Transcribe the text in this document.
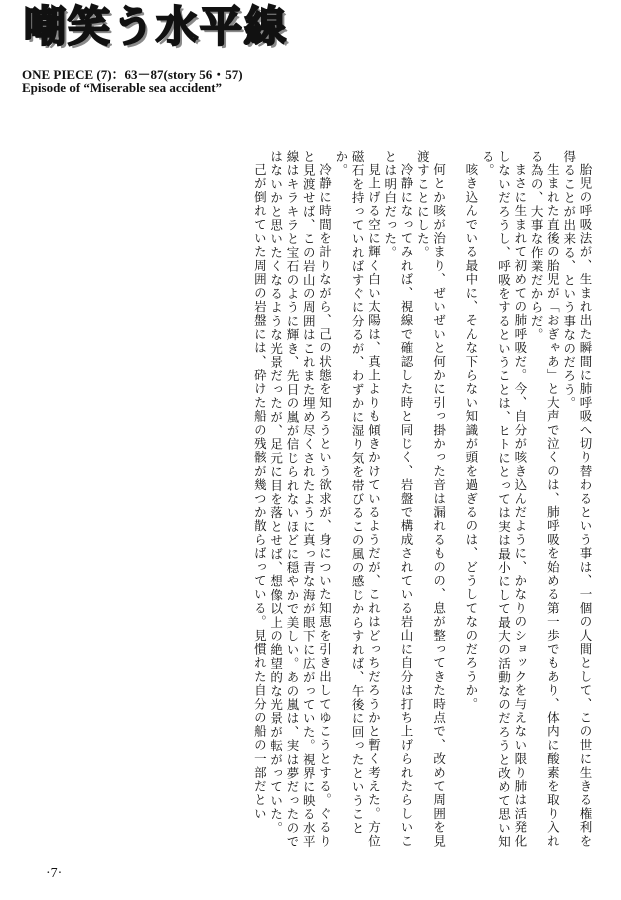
嘲笑う水平線
ONE PIECE (7)：63－87(story 56・57)
Episode of “Miserable sea accident”

胎児の呼吸法が、生まれ出た瞬間に肺呼吸へ切り替わるという事は、一個の人間として、この世に生きる権利を得ることが出来る、という事なのだろう。

生まれた直後の胎児が「おぎゃあ」と大声で泣くのは、肺呼吸を始める第一歩でもあり、体内に酸素を取り入れる為の、大事な作業だからだ。

まさに生まれて初めての肺呼吸だ。今、自分が咳き込んだように、かなりのショックを与えない限り肺は活発化しないだろうし、呼吸をするということは、ヒトにとっては実は最小にして最大の活動なのだろうと改めて思い知る。

咳き込んでいる最中に、そんな下らない知識が頭を過ぎるのは、どうしてなのだろうか。

何とか咳が治まり、ぜいぜいと何かに引っ掛かった音は漏れるものの、息が整ってきた時点で、改めて周囲を見渡すことにした。

冷静になってみれば、視線で確認した時と同じく、岩盤で構成されている岩山に自分は打ち上げられたらしいことは明白だった。

見上げる空に輝く白い太陽は、真上よりも傾きかけているようだが、これはどっちだろうかと暫く考えた。方位磁石を持っていればすぐに分るが、わずかに湿り気を帯びるこの風の感じからすれば、午後に回ったということか。

冷静に時間を計りながら、己の状態を知ろうという欲求が、身についた知恵を引き出してゆこうとする。ぐるりと見渡せば、この岩山の周囲はこれまた埋め尽くされたように真っ青な海が眼下に広がっていた。視界に映る水平線はキラキラと宝石のように輝き、先日の嵐が信じられないほどに穏やかで美しい。あの嵐は、実は夢だったのではないかと思いたくなるような光景だったが、足元に目を落とせば、想像以上の絶望的な光景が転がっていた。

己が倒れていた周囲の岩盤には、砕けた船の残骸が幾つか散らばっている。見慣れた自分の船の一部だとい

·7·
